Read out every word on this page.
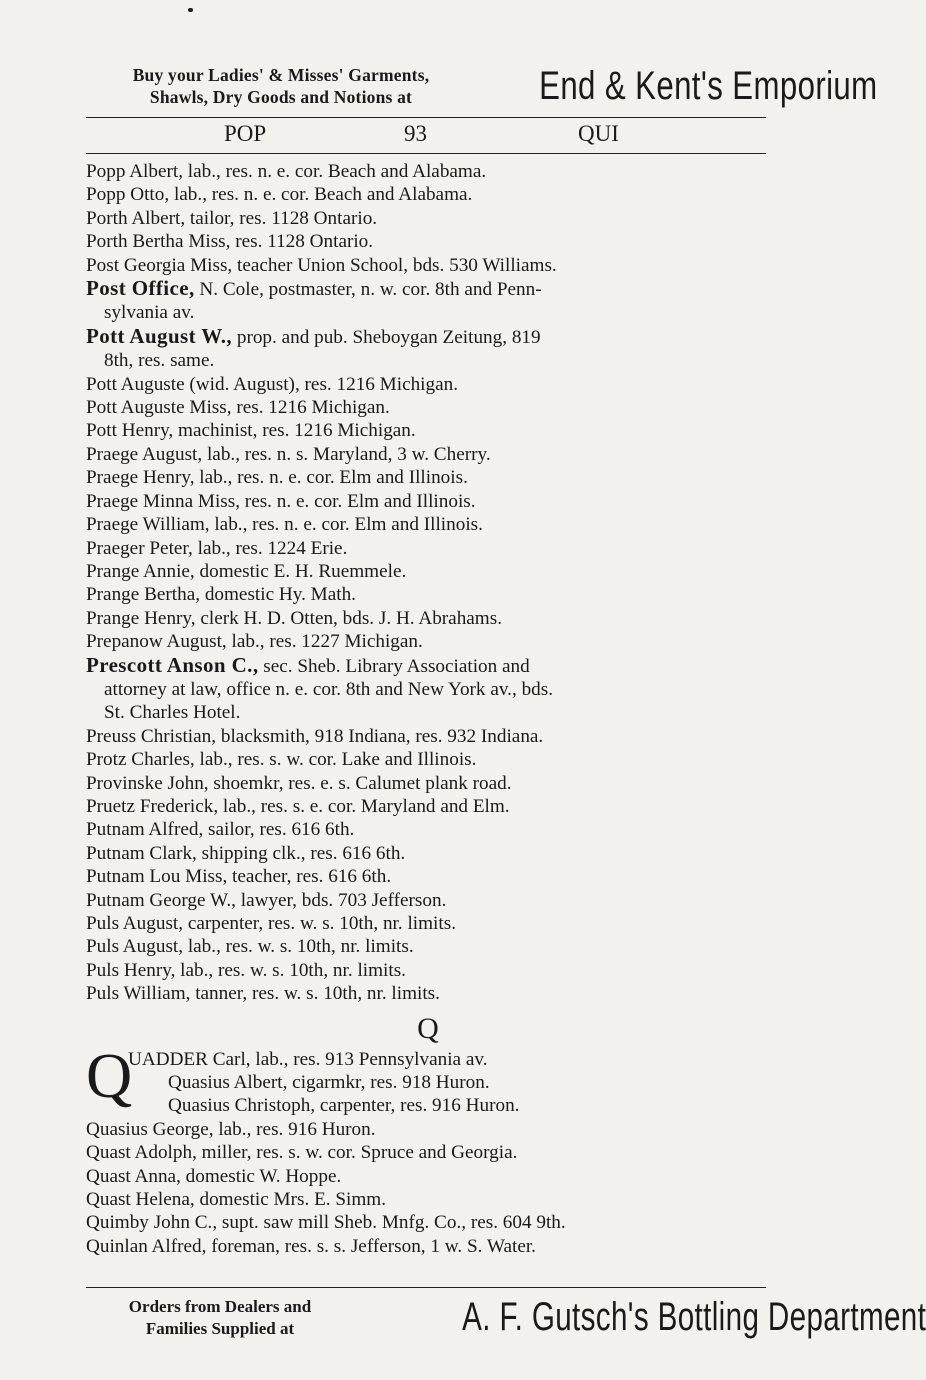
Buy your Ladies' & Misses' Garments,
Shawls, Dry Goods and Notions at	End & Kent's Emporium
POP	93	QUI
Popp Albert, lab., res. n. e. cor. Beach and Alabama.
Popp Otto, lab., res. n. e. cor. Beach and Alabama.
Porth Albert, tailor, res. 1128 Ontario.
Porth Bertha Miss, res. 1128 Ontario.
Post Georgia Miss, teacher Union School, bds. 530 Williams.
Post Office, N. Cole, postmaster, n. w. cor. 8th and Penn-
sylvania av.
Pott August W., prop. and pub. Sheboygan Zeitung, 819
8th, res. same.
Pott Auguste (wid. August), res. 1216 Michigan.
Pott Auguste Miss, res. 1216 Michigan.
Pott Henry, machinist, res. 1216 Michigan.
Praege August, lab., res. n. s. Maryland, 3 w. Cherry.
Praege Henry, lab., res. n. e. cor. Elm and Illinois.
Praege Minna Miss, res. n. e. cor. Elm and Illinois.
Praege William, lab., res. n. e. cor. Elm and Illinois.
Praeger Peter, lab., res. 1224 Erie.
Prange Annie, domestic E. H. Ruemmele.
Prange Bertha, domestic Hy. Math.
Prange Henry, clerk H. D. Otten, bds. J. H. Abrahams.
Prepanow August, lab., res. 1227 Michigan.
Prescott Anson C., sec. Sheb. Library Association and
attorney at law, office n. e. cor. 8th and New York av., bds.
St. Charles Hotel.
Preuss Christian, blacksmith, 918 Indiana, res. 932 Indiana.
Protz Charles, lab., res. s. w. cor. Lake and Illinois.
Provinske John, shoemkr, res. e. s. Calumet plank road.
Pruetz Frederick, lab., res. s. e. cor. Maryland and Elm.
Putnam Alfred, sailor, res. 616 6th.
Putnam Clark, shipping clk., res. 616 6th.
Putnam Lou Miss, teacher, res. 616 6th.
Putnam George W., lawyer, bds. 703 Jefferson.
Puls August, carpenter, res. w. s. 10th, nr. limits.
Puls August, lab., res. w. s. 10th, nr. limits.
Puls Henry, lab., res. w. s. 10th, nr. limits.
Puls William, tanner, res. w. s. 10th, nr. limits.
Q
Q
UADDER Carl, lab., res. 913 Pennsylvania av.
Quasius Albert, cigarmkr, res. 918 Huron.
Quasius Christoph, carpenter, res. 916 Huron.
Quasius George, lab., res. 916 Huron.
Quast Adolph, miller, res. s. w. cor. Spruce and Georgia.
Quast Anna, domestic W. Hoppe.
Quast Helena, domestic Mrs. E. Simm.
Quimby John C., supt. saw mill Sheb. Mnfg. Co., res. 604 9th.
Quinlan Alfred, foreman, res. s. s. Jefferson, 1 w. S. Water.
Orders from Dealers and
Families Supplied at	A. F. Gutsch's Bottling Department
